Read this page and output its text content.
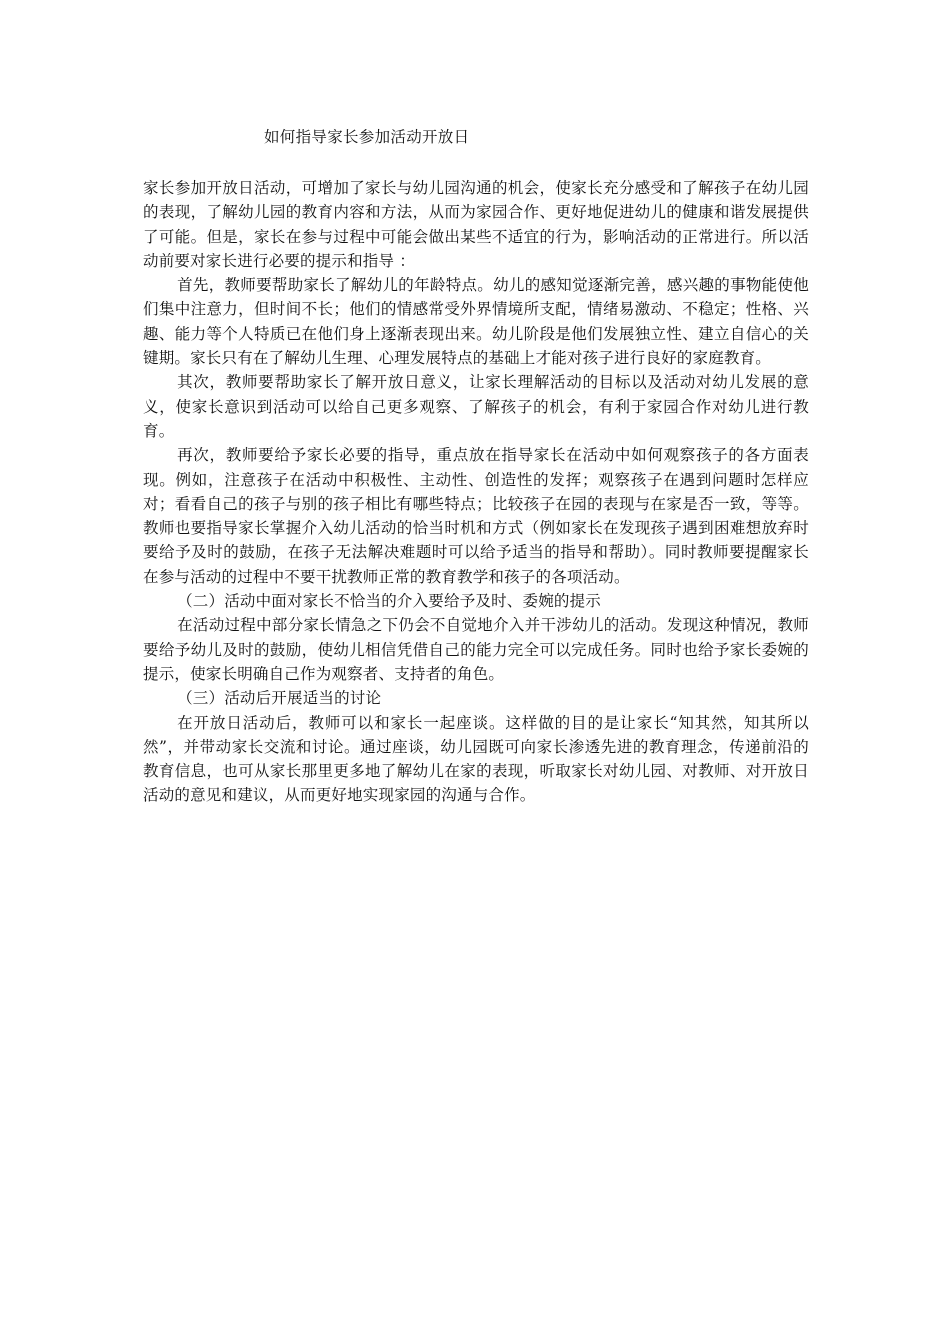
如何指导家长参加活动开放日

家长参加开放日活动，可增加了家长与幼儿园沟通的机会，使家长充分感受和了解孩子在幼儿园的表现，了解幼儿园的教育内容和方法，从而为家园合作、更好地促进幼儿的健康和谐发展提供了可能。但是，家长在参与过程中可能会做出某些不适宜的行为，影响活动的正常进行。所以活动前要对家长进行必要的提示和指导 ：

首先，教师要帮助家长了解幼儿的年龄特点。幼儿的感知觉逐渐完善，感兴趣的事物能使他们集中注意力，但时间不长；他们的情感常受外界情境所支配，情绪易激动、不稳定；性格、兴趣、能力等个人特质已在他们身上逐渐表现出来。幼儿阶段是他们发展独立性、建立自信心的关键期。家长只有在了解幼儿生理、心理发展特点的基础上才能对孩子进行良好的家庭教育。

其次，教师要帮助家长了解开放日意义，让家长理解活动的目标以及活动对幼儿发展的意义，使家长意识到活动可以给自己更多观察、了解孩子的机会，有利于家园合作对幼儿进行教育。

再次，教师要给予家长必要的指导，重点放在指导家长在活动中如何观察孩子的各方面表现。例如，注意孩子在活动中积极性、主动性、创造性的发挥；观察孩子在遇到问题时怎样应对；看看自己的孩子与别的孩子相比有哪些特点；比较孩子在园的表现与在家是否一致，等等。教师也要指导家长掌握介入幼儿活动的恰当时机和方式（例如家长在发现孩子遇到困难想放弃时要给予及时的鼓励，在孩子无法解决难题时可以给予适当的指导和帮助）。同时教师要提醒家长在参与活动的过程中不要干扰教师正常的教育教学和孩子的各项活动。

（二）活动中面对家长不恰当的介入要给予及时、委婉的提示

在活动过程中部分家长情急之下仍会不自觉地介入并干涉幼儿的活动。发现这种情况，教师要给予幼儿及时的鼓励，使幼儿相信凭借自己的能力完全可以完成任务。同时也给予家长委婉的提示，使家长明确自己作为观察者、支持者的角色。

（三）活动后开展适当的讨论

在开放日活动后，教师可以和家长一起座谈。这样做的目的是让家长“知其然，知其所以然”，并带动家长交流和讨论。通过座谈，幼儿园既可向家长渗透先进的教育理念，传递前沿的教育信息，也可从家长那里更多地了解幼儿在家的表现，听取家长对幼儿园、对教师、对开放日活动的意见和建议，从而更好地实现家园的沟通与合作。
